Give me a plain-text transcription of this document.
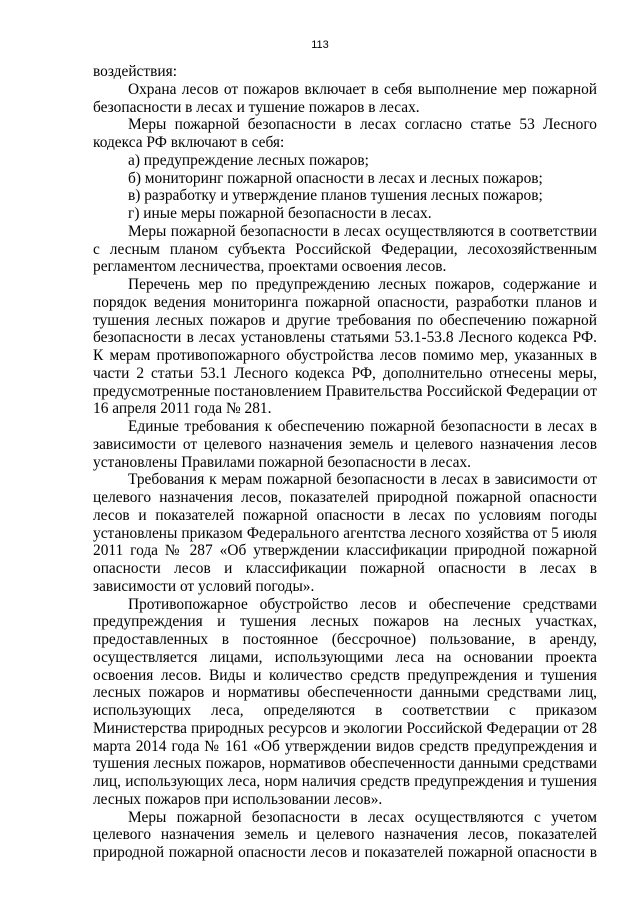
113

воздействия:

Охрана лесов от пожаров включает в себя выполнение мер пожарной безопасности в лесах и тушение пожаров в лесах.

Меры пожарной безопасности в лесах согласно статье 53 Лесного кодекса РФ включают в себя:

а) предупреждение лесных пожаров;

б) мониторинг пожарной опасности в лесах и лесных пожаров;

в) разработку и утверждение планов тушения лесных пожаров;

г) иные меры пожарной безопасности в лесах.

Меры пожарной безопасности в лесах осуществляются в соответствии с лесным планом субъекта Российской Федерации, лесохозяйственным регламентом лесничества, проектами освоения лесов.

Перечень мер по предупреждению лесных пожаров, содержание и порядок ведения мониторинга пожарной опасности, разработки планов и тушения лесных пожаров и другие требования по обеспечению пожарной безопасности в лесах установлены статьями 53.1-53.8 Лесного кодекса РФ. К мерам противопожарного обустройства лесов помимо мер, указанных в части 2 статьи 53.1 Лесного кодекса РФ, дополнительно отнесены меры, предусмотренные постановлением Правительства Российской Федерации от 16 апреля 2011 года № 281.

Единые требования к обеспечению пожарной безопасности в лесах в зависимости от целевого назначения земель и целевого назначения лесов установлены Правилами пожарной безопасности в лесах.

Требования к мерам пожарной безопасности в лесах в зависимости от целевого назначения лесов, показателей природной пожарной опасности лесов и показателей пожарной опасности в лесах по условиям погоды установлены приказом Федерального агентства лесного хозяйства от 5 июля 2011 года № 287 «Об утверждении классификации природной пожарной опасности лесов и классификации пожарной опасности в лесах в зависимости от условий погоды».

Противопожарное обустройство лесов и обеспечение средствами предупреждения и тушения лесных пожаров на лесных участках, предоставленных в постоянное (бессрочное) пользование, в аренду, осуществляется лицами, использующими леса на основании проекта освоения лесов. Виды и количество средств предупреждения и тушения лесных пожаров и нормативы обеспеченности данными средствами лиц, использующих леса, определяются в соответствии с приказом Министерства природных ресурсов и экологии Российской Федерации от 28 марта 2014 года № 161 «Об утверждении видов средств предупреждения и тушения лесных пожаров, нормативов обеспеченности данными средствами лиц, использующих леса, норм наличия средств предупреждения и тушения лесных пожаров при использовании лесов».

Меры пожарной безопасности в лесах осуществляются с учетом целевого назначения земель и целевого назначения лесов, показателей природной пожарной опасности лесов и показателей пожарной опасности в
